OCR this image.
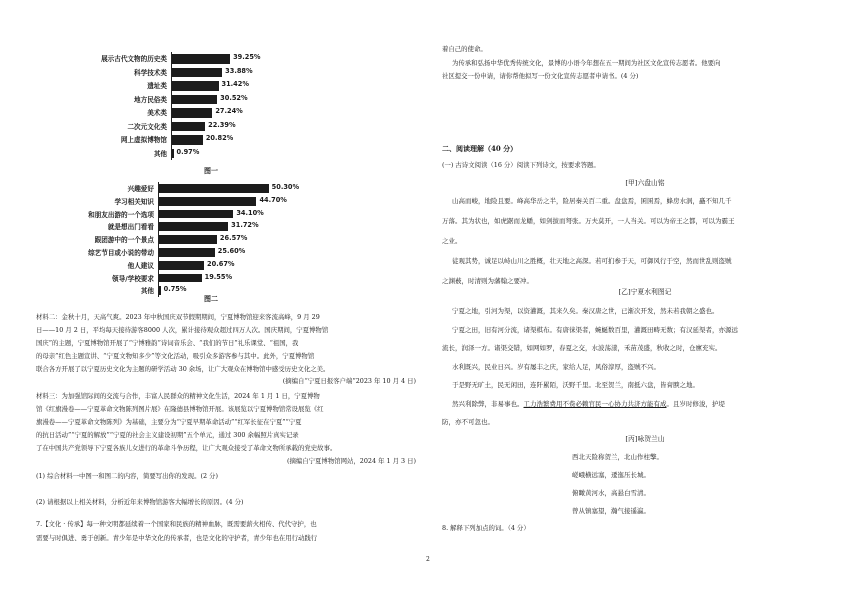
展示古代文物的历史类	39.25%
科学技术类	33.88%
遗址类	31.42%
地方民俗类	30.52%
美术类	27.24%
二次元文化类	22.39%
网上虚拟博物馆	20.82%
其他 0.97%
图一
兴趣爱好	50.30%
学习相关知识	44.70%
和朋友出游的一个选项	34.10%
就是想出门看看	31.72%
跟团游中的一个景点	26.57%
综艺节目或小说的带动	25.60%
他人建议	20.67%
领导/学校要求	19.55%
其他 0.75%
图二
材料二：金秋十月，天高气爽。2023 年中秋国庆双节假期期间，宁夏博物馆迎来客流高峰，9 月 29
日——10 月 2 日，平均每天接待游客8000 人次，累计接待观众超过四万人次。国庆期间，宁夏博物馆
国庆”的主题，宁夏博物馆开展了“宁博雅韵”诗词音乐会、“我们的节日”礼乐课堂、“祖国，我
的母亲”红色主题宣讲、“宁夏文物知多少”等文化活动，吸引众多游客参与其中。此外，宁夏博物馆
联合各方开展了以宁夏历史文化为主题的研学活动 30 余场，让广大观众在博物馆中感受历史文化之美。
(摘编自“宁夏日报客户端”2023 年 10 月 4 日)
材料三：为加强馆际间的交流与合作，丰富人民群众的精神文化生活，2024 年 1 月 1 日，宁夏博物
馆《红旗漫卷——宁夏革命文物陈列图片展》在隆德县博物馆开展。该展览以宁夏博物馆常设展览《红
旗漫卷——宁夏革命文物陈列》为基础，主要分为“宁夏早期革命活动”“红军长征在宁夏”“宁夏
的抗日活动”“宁夏的解放”“宁夏的社会主义建设初期”五个单元，通过 300 余幅照片真实记录
了在中国共产党领导下宁夏各族儿女进行的革命斗争历程，让广大观众接受了革命文物所承载的党史故事。
(摘编自宁夏博物馆网站，2024 年 1 月 3 日)
(1) 综合材料一中图一和图二的内容，简要写出你的发现。(2 分)
(2) 请根据以上相关材料，分析近年来博物馆游客大幅增长的原因。(4 分)
7.【文化 · 传承】每一种文明都延续着一个国家和民族的精神血脉，既需要薪火相传、代代守护，也
需要与时俱进、勇于创新。青少年是中华文化的传承者，也是文化的守护者，青少年也在用行动践行
着自己的使命。
为传承和弘扬中华优秀传统文化，景博的小语今年想在五一期间为社区文化宣传志愿者。他要向
社区提交一份申请，请你帮他拟写一份文化宣传志愿者申请书。(4 分)
二、阅读理解（40 分）
(一) 古诗文阅读（16 分）阅读下列诗文，按要求答题。
[甲]六盘山铭
山高而峻，地险且要。峰高华岳之半，险居秦关百二重。盘盘焉，囷囷焉，蜂房水涡，矗不知几千
万落。其为状也，如虎踞而龙蟠，如剑拔而弩张。万夫莫开，一人当关。可以为帝王之都，可以为霸王
之业。
徒观其势，诚足以峙山川之胜概，壮天地之高深。若可扪参于天，可御风行于空，然而世乱则盗贼
之渊薮，时清则为藩翰之要冲。
[乙]宁夏水利图记
宁夏之地，引河为渠，以资灌溉，其来久矣。秦汉唐之世，已渐次开发，然未若我朝之盛也。
宁夏之田，旧有河分流，诸渠棋布。有唐徕渠者，蜿蜒数百里，灌溉田畴无数；有汉延渠者，亦源远
流长，润泽一方。诸渠交错，如网如罗，春夏之交，水波荡漾，禾苗茂盛，秋收之时，仓廪充实。
水利既兴，民业日兴。岁有屡丰之庆，家给人足，风俗淳厚，盗贼不兴。
于是野无旷土，民无闲田，连阡累陌，沃野千里。北至贺兰，南抵六盘，皆膏腴之地。
然兴利除弊，非易事也。工力浩繁费用不赀必赖官民一心协力共济方能有成。且岁时修浚，护堤
防，亦不可忽也。
[丙]咏贺兰山
西北天险称贺兰，北山作柱擎。
嵯峨横远塞，逶迤压长城。
俯瞰黄河水，高悬白雪清。
曾从镇塞望，瀚气接遥瀛。
8. 解释下列加点的词。（4 分）
2
